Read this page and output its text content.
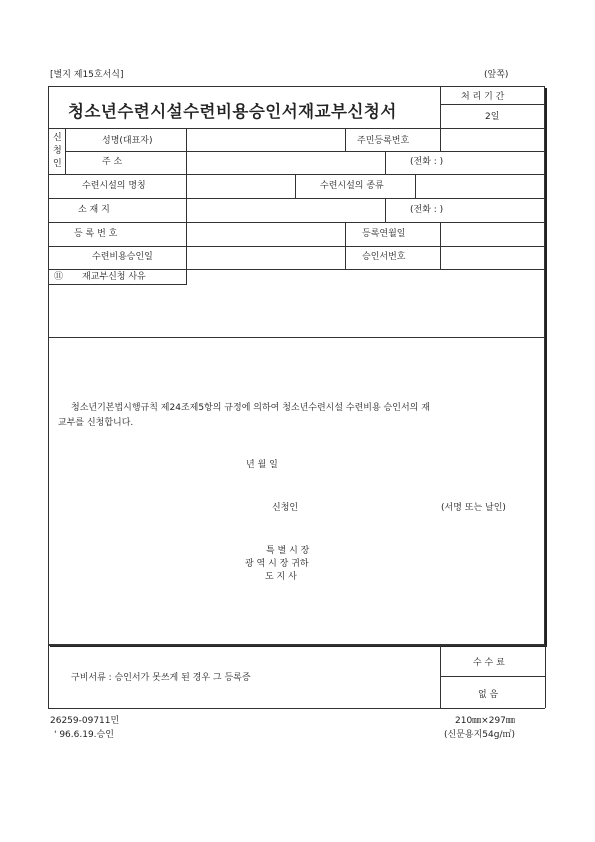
[별지 제15호서식]	(앞쪽)
청소년수련시설수련비용승인서재교부신청서
처 리 기 간
2일
신
청
인
성명(대표자)	주민등록번호
주 소	(전화 : )
수련시설의 명칭	수련시설의 종류
소 재 지	(전화 : )
등 록 번 호	등록연월일
수련비용승인일	승인서번호
⑪ 재교부신청 사유
청소년기본법시행규칙 제24조제5항의 규정에 의하여 청소년수련시설 수련비용 승인서의 재
교부를 신청합니다.
년 월 일
신청인	(서명 또는 날인)
특 별 시 장
광 역 시 장 귀하
도 지 사
구비서류 : 승인서가 못쓰게 된 경우 그 등록증
수 수 료
없 음
26259-09711민
' 96.6.19.승인
210㎜×297㎜
(신문용지54g/㎡)
